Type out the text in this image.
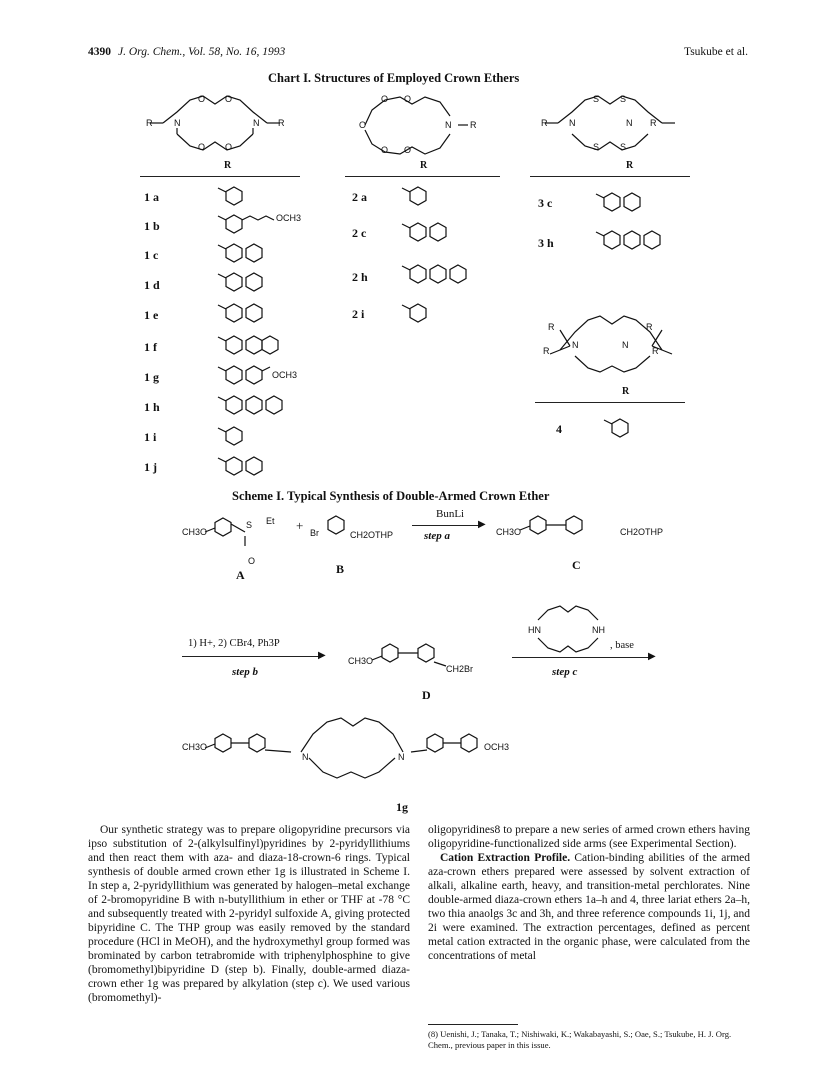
4390 J. Org. Chem., Vol. 58, No. 16, 1993	Tsukube et al.
Chart I. Structures of Employed Crown Ethers
R N	N R
O O
O O
O O
O	N R
O O
R N	N R
S S
S S
R	R	R
1 a
1 b
1 c
1 d
1 e
1 f
1 g
1 h
1 i
1 j
2 a
2 c
2 h
2 i
3 c
3 h
OCH3
OCH3
R
R
N	N
R
R
R
4
Scheme I. Typical Synthesis of Double-Armed Crown Ether
CH3O
S Et
O
+ Br	CH2OTHP
BunLi
▶
step a	CH3O	CH2OTHP
A	B	C
1) H+, 2) CBr4, Ph3P
▶
step b
CH3O
CH2Br
D
HN	NH
, base
▶
step c
CH3O
N	N
OCH3
1g

Our synthetic strategy was to prepare oligopyridine precursors via ipso substitution of 2-(alkylsulfinyl)pyridines by 2-pyridyllithiums and then react them with aza- and diaza-18-crown-6 rings. Typical synthesis of double armed crown ether 1g is illustrated in Scheme I. In step a, 2-pyridyllithium was generated by halogen–metal exchange of 2-bromopyridine B with n-butyllithium in ether or THF at -78 °C and subsequently treated with 2-pyridyl sulfoxide A, giving protected bipyridine C. The THP group was easily removed by the standard procedure (HCl in MeOH), and the hydroxymethyl group formed was brominated by carbon tetrabromide with triphenylphosphine to give (bromomethyl)bipyridine D (step b). Finally, double-armed diaza-crown ether 1g was prepared by alkylation (step c). We used various (bromomethyl)-

oligopyridines8 to prepare a new series of armed crown ethers having oligopyridine-functionalized side arms (see Experimental Section).

Cation Extraction Profile. Cation-binding abilities of the armed aza-crown ethers prepared were assessed by solvent extraction of alkali, alkaline earth, heavy, and transition-metal perchlorates. Nine double-armed diaza-crown ethers 1a–h and 4, three lariat ethers 2a–h, two thia anaolgs 3c and 3h, and three reference compounds 1i, 1j, and 2i were examined. The extraction percentages, defined as percent metal cation extracted in the organic phase, were calculated from the concentrations of metal

(8) Uenishi, J.; Tanaka, T.; Nishiwaki, K.; Wakabayashi, S.; Oae, S.; Tsukube, H. J. Org. Chem., previous paper in this issue.
